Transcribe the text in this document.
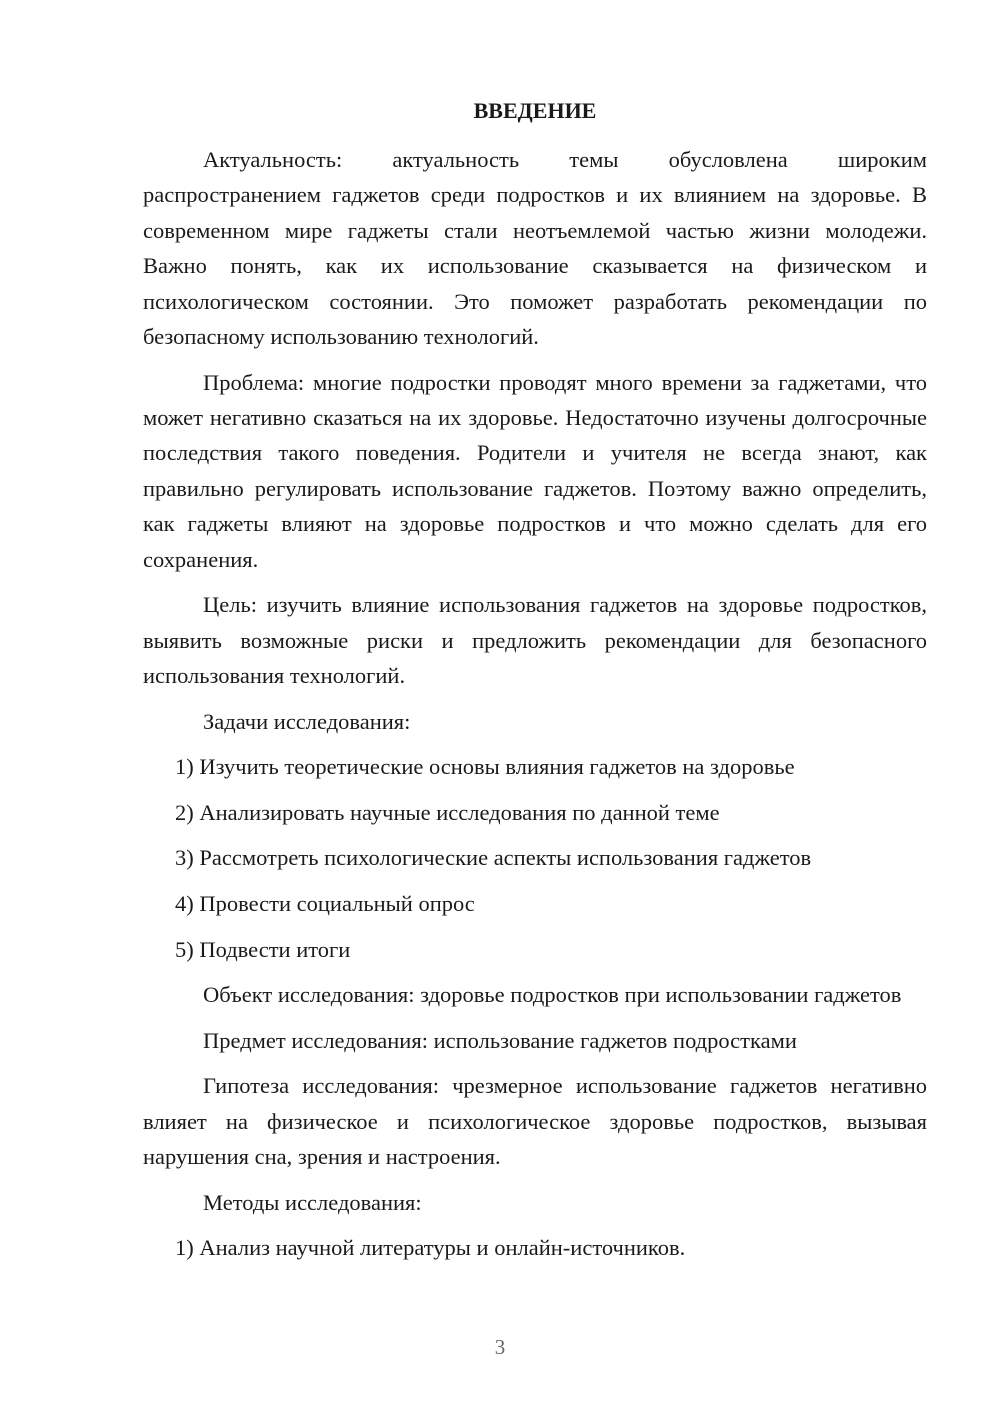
ВВЕДЕНИЕ

Актуальность: актуальность темы обусловлена широким распространением гаджетов среди подростков и их влиянием на здоровье. В современном мире гаджеты стали неотъемлемой частью жизни молодежи. Важно понять, как их использование сказывается на физическом и психологическом состоянии. Это поможет разработать рекомендации по безопасному использованию технологий.

Проблема: многие подростки проводят много времени за гаджетами, что может негативно сказаться на их здоровье. Недостаточно изучены долгосрочные последствия такого поведения. Родители и учителя не всегда знают, как правильно регулировать использование гаджетов. Поэтому важно определить, как гаджеты влияют на здоровье подростков и что можно сделать для его сохранения.

Цель: изучить влияние использования гаджетов на здоровье подростков, выявить возможные риски и предложить рекомендации для безопасного использования технологий.

Задачи исследования:

1) Изучить теоретические основы влияния гаджетов на здоровье

2) Анализировать научные исследования по данной теме

3) Рассмотреть психологические аспекты использования гаджетов

4) Провести социальный опрос

5) Подвести итоги

Объект исследования: здоровье подростков при использовании гаджетов

Предмет исследования: использование гаджетов подростками

Гипотеза исследования: чрезмерное использование гаджетов негативно влияет на физическое и психологическое здоровье подростков, вызывая нарушения сна, зрения и настроения.

Методы исследования:

1) Анализ научной литературы и онлайн-источников.

3
